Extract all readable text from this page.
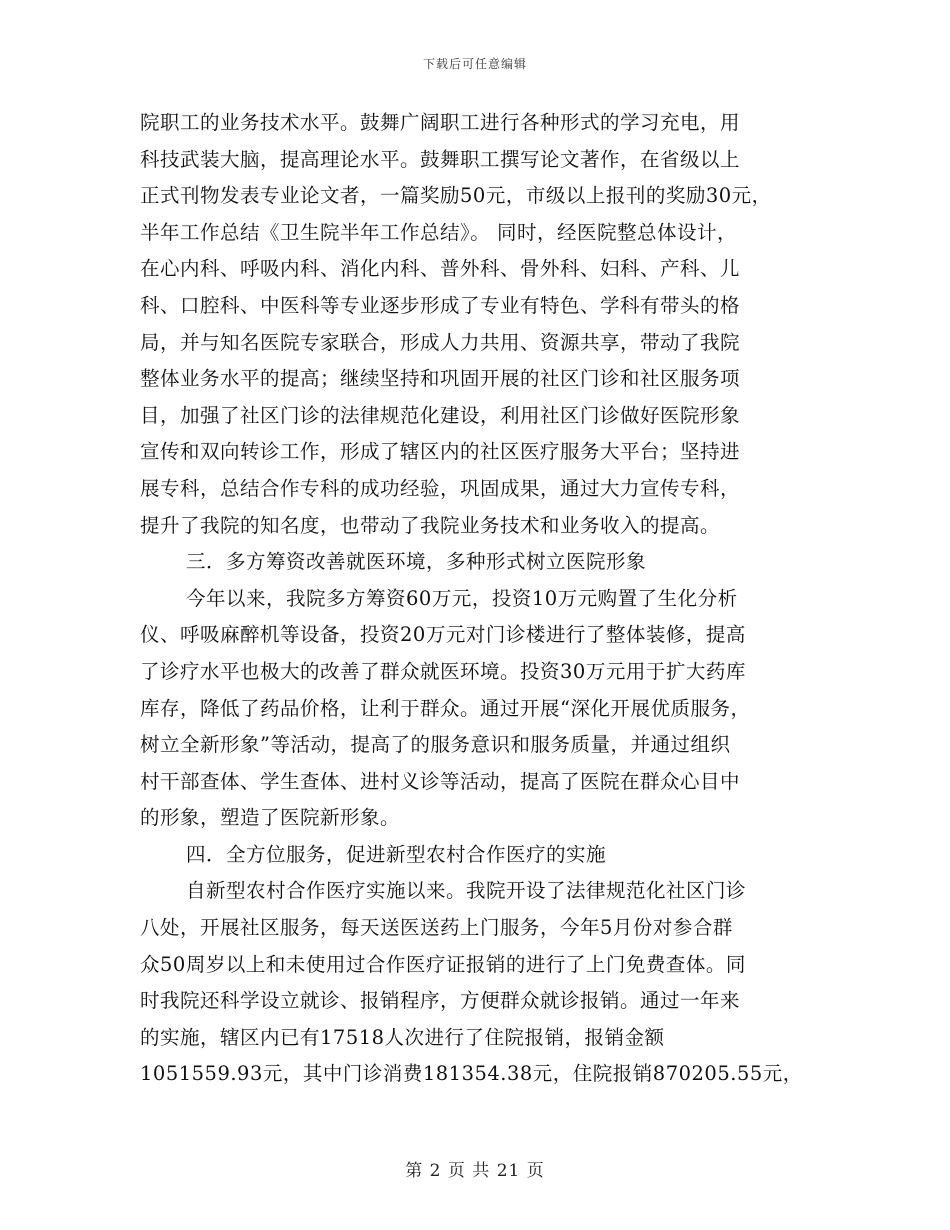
下载后可任意编辑
院职工的业务技术水平。鼓舞广阔职工进行各种形式的学习充电，用
科技武装大脑，提高理论水平。鼓舞职工撰写论文著作，在省级以上
正式刊物发表专业论文者，一篇奖励50元，市级以上报刊的奖励30元，
半年工作总结《卫生院半年工作总结》。 同时，经医院整总体设计，
在心内科、呼吸内科、消化内科、普外科、骨外科、妇科、产科、儿
科、口腔科、中医科等专业逐步形成了专业有特色、学科有带头的格
局，并与知名医院专家联合，形成人力共用、资源共享，带动了我院
整体业务水平的提高；继续坚持和巩固开展的社区门诊和社区服务项
目，加强了社区门诊的法律规范化建设，利用社区门诊做好医院形象
宣传和双向转诊工作，形成了辖区内的社区医疗服务大平台；坚持进
展专科，总结合作专科的成功经验，巩固成果，通过大力宣传专科，
提升了我院的知名度，也带动了我院业务技术和业务收入的提高。
三．多方筹资改善就医环境，多种形式树立医院形象
今年以来，我院多方筹资60万元，投资10万元购置了生化分析
仪、呼吸麻醉机等设备，投资20万元对门诊楼进行了整体装修，提高
了诊疗水平也极大的改善了群众就医环境。投资30万元用于扩大药库
库存，降低了药品价格，让利于群众。通过开展“深化开展优质服务，
树立全新形象”等活动，提高了的服务意识和服务质量，并通过组织
村干部查体、学生查体、进村义诊等活动，提高了医院在群众心目中
的形象，塑造了医院新形象。
四．全方位服务，促进新型农村合作医疗的实施
自新型农村合作医疗实施以来。我院开设了法律规范化社区门诊
八处，开展社区服务，每天送医送药上门服务，今年5月份对参合群
众50周岁以上和未使用过合作医疗证报销的进行了上门免费查体。同
时我院还科学设立就诊、报销程序，方便群众就诊报销。通过一年来
的实施，辖区内已有17518人次进行了住院报销，报销金额
1051559.93元，其中门诊消费181354.38元，住院报销870205.55元，
第 2 页 共 21 页
